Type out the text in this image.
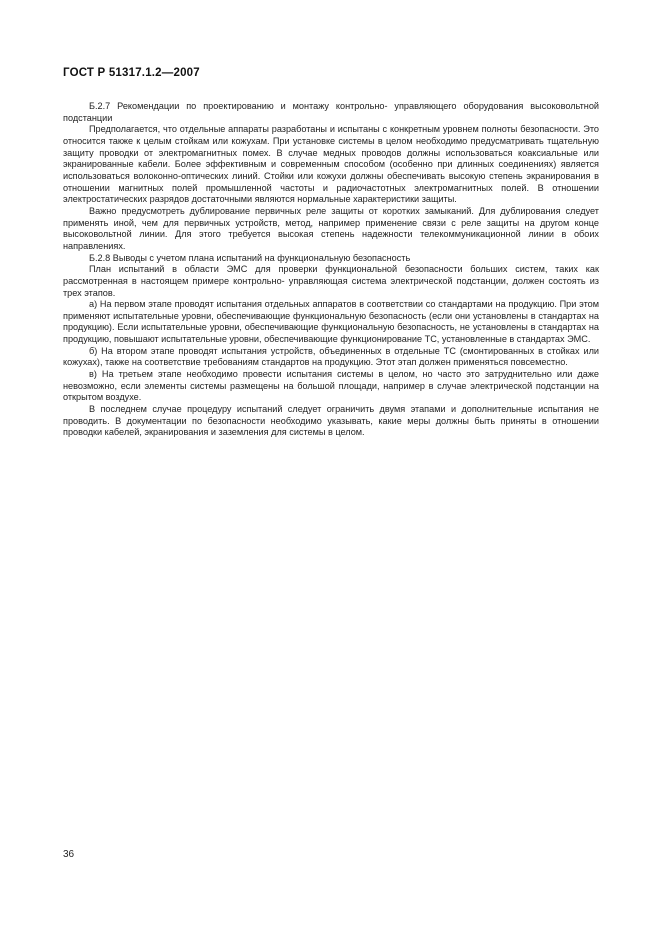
ГОСТ Р 51317.1.2—2007

Б.2.7 Рекомендации по проектированию и монтажу контрольно- управляющего оборудования высоковольтной подстанции

Предполагается, что отдельные аппараты разработаны и испытаны с конкретным уровнем полноты безопасности. Это относится также к целым стойкам или кожухам. При установке системы в целом необходимо предусматривать тщательную защиту проводки от электромагнитных помех. В случае медных проводов должны использоваться коаксиальные или экранированные кабели. Более эффективным и современным способом (особенно при длинных соединениях) является использоваться волоконно-оптических линий. Стойки или кожухи должны обеспечивать высокую степень экранирования в отношении магнитных полей промышленной частоты и радиочастотных электромагнитных полей. В отношении электростатических разрядов достаточными являются нормальные характеристики защиты.

Важно предусмотреть дублирование первичных реле защиты от коротких замыканий. Для дублирования следует применять иной, чем для первичных устройств, метод, например применение связи с реле защиты на другом конце высоковольтной линии. Для этого требуется высокая степень надежности телекоммуникационной линии в обоих направлениях.

Б.2.8 Выводы с учетом плана испытаний на функциональную безопасность

План испытаний в области ЭМС для проверки функциональной безопасности больших систем, таких как рассмотренная в настоящем примере контрольно- управляющая система электрической подстанции, должен состоять из трех этапов.

а) На первом этапе проводят испытания отдельных аппаратов в соответствии со стандартами на продукцию. При этом применяют испытательные уровни, обеспечивающие функциональную безопасность (если они установлены в стандартах на продукцию). Если испытательные уровни, обеспечивающие функциональную безопасность, не установлены в стандартах на продукцию, повышают испытательные уровни, обеспечивающие функционирование ТС, установленные в стандартах ЭМС.

б) На втором этапе проводят испытания устройств, объединенных в отдельные ТС (смонтированных в стойках или кожухах), также на соответствие требованиям стандартов на продукцию. Этот этап должен применяться повсеместно.

в) На третьем этапе необходимо провести испытания системы в целом, но часто это затруднительно или даже невозможно, если элементы системы размещены на большой площади, например в случае электрической подстанции на открытом воздухе.

В последнем случае процедуру испытаний следует ограничить двумя этапами и дополнительные испытания не проводить. В документации по безопасности необходимо указывать, какие меры должны быть приняты в отношении проводки кабелей, экранирования и заземления для системы в целом.

36
